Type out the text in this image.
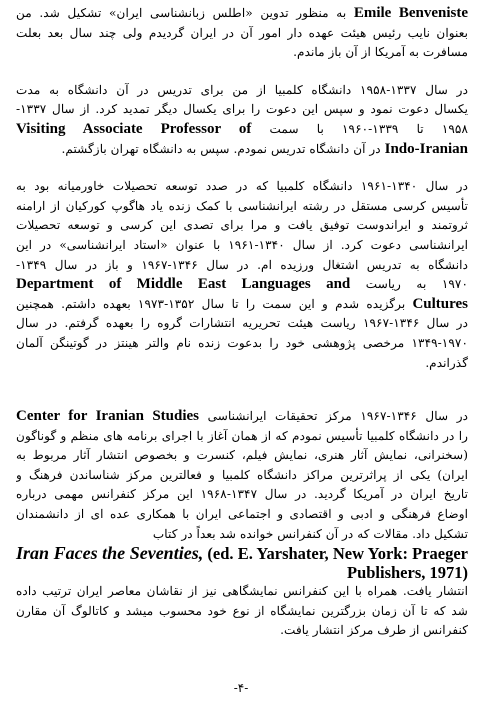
Emile Benveniste به منظور تدوین «اطلس زبانشناسی ایران» تشکیل شد. من
بعنوان نایب رئیس هیئت عهده دار امور آن در ایران گردیدم ولی چند سال بعد بعلت
مسافرت به آمریکا از آن باز ماندم.
در سال ۱۳۳۷-۱۹۵۸ دانشگاه کلمبیا از من برای تدریس در آن دانشگاه به مدت
یکسال دعوت نمود و سپس این دعوت را برای یکسال دیگر تمدید کرد. از سال ۱۳۳۷-
۱۹۵۸ تا ۱۳۳۹-۱۹۶۰ با سمت Visiting Associate Professor of
Indo-Iranian در آن دانشگاه تدریس نمودم. سپس به دانشگاه تهران بازگشتم.
در سال ۱۳۴۰-۱۹۶۱ دانشگاه کلمبیا که در صدد توسعه تحصیلات خاورمیانه بود به
تأسیس کرسی مستقل در رشته ایرانشناسی با کمک زنده یاد هاگوپ کورکیان از ارامنه
ثروتمند و ایراندوست توفیق یافت و مرا برای تصدی این کرسی و توسعه تحصیلات
ایرانشناسی دعوت کرد. از سال ۱۳۴۰-۱۹۶۱ با عنوان «استاد ایرانشناسی» در این
دانشگاه به تدریس اشتغال ورزیده ام. در سال ۱۳۴۶-۱۹۶۷ و باز در سال ۱۳۴۹-
۱۹۷۰ به ریاست Department of Middle East Languages and
Cultures برگزیده شدم و این سمت را تا سال ۱۳۵۲-۱۹۷۳ بعهده داشتم. همچنین
در سال ۱۳۴۶-۱۹۶۷ ریاست هیئت تحریریه انتشارات گروه را بعهده گرفتم. در سال
۱۳۴۹-۱۹۷۰ مرخصی پژوهشی خود را بدعوت زنده نام والتر هینتز در گوتینگن آلمان
گذراندم.
در سال ۱۳۴۶-۱۹۶۷ مرکز تحقیقات ایرانشناسی Center for Iranian Studies
را در دانشگاه کلمبیا تأسیس نمودم که از همان آغاز با اجرای برنامه های منظم و گوناگون
(سخنرانی، نمایش آثار هنری، نمایش فیلم، کنسرت و بخصوص انتشار آثار مربوط به
ایران) یکی از پراثرترین مراکز دانشگاه کلمبیا و فعالترین مرکز شناساندن فرهنگ و
تاریخ ایران در آمریکا گردید. در سال ۱۳۴۷-۱۹۶۸ این مرکز کنفرانس مهمی درباره
اوضاع فرهنگی و ادبی و اقتصادی و اجتماعی ایران با همکاری عده ای از دانشمندان
تشکیل داد. مقالات که در آن کنفرانس خوانده شد بعداً در کتاب
Iran Faces the Seventies, (ed. E. Yarshater, New York: Praeger
Publishers, 1971)
انتشار یافت. همراه با این کنفرانس نمایشگاهی نیز از نقاشان معاصر ایران ترتیب داده
شد که تا آن زمان بزرگترین نمایشگاه از نوع خود محسوب میشد و کاتالوگ آن مقارن
کنفرانس از طرف مرکز انتشار یافت.
-۴-
